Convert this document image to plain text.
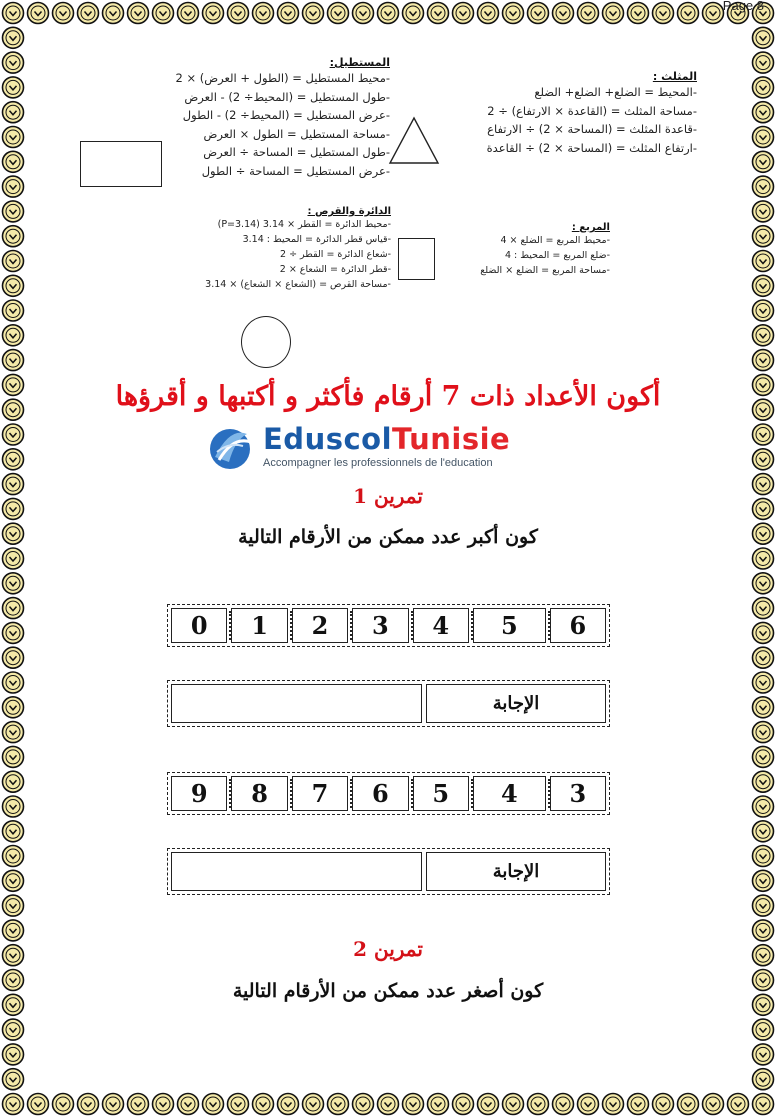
Page 8
المستطيل:
-محيط المستطيل = (الطول + العرض) × 2
-طول المستطيل = (المحيط÷ 2) - العرض
-عرض المستطيل = (المحيط÷ 2) - الطول
-مساحة المستطيل = الطول × العرض
-طول المستطيل = المساحة ÷ العرض
-عرض المستطيل = المساحة ÷ الطول
المثلث :
-المحيط = الضلع+ الضلع+ الضلع
-مساحة المثلث = (القاعدة × الارتفاع) ÷ 2
-قاعدة المثلث = (المساحة × 2) ÷ الارتفاع
-ارتفاع المثلث = (المساحة × 2) ÷ القاعدة
الدائرة والقرص :
-محيط الدائرة = القطر × 3.14 (P=3.14)
-قياس قطر الدائرة = المحيط : 3.14
-شعاع الدائرة = القطر ÷ 2
-قطر الدائرة = الشعاع × 2
-مساحة القرص = (الشعاع × الشعاع) × 3.14
المربع :
-محيط المربع = الضلع × 4
-ضلع المربع = المحيط : 4
-مساحة المربع = الضلع × الضلع
أكون الأعداد ذات 7 أرقام فأكثر و أكتبها و أقرؤها
EduscolTunisie
Accompagner les professionnels de l'education
تمرين 1
كون أكبر عدد ممكن من الأرقام التالية
0	1	2	3	4	5	6
الإجابة
9	8	7	6	5	4	3
الإجابة
تمرين 2
كون أصغر عدد ممكن من الأرقام التالية
